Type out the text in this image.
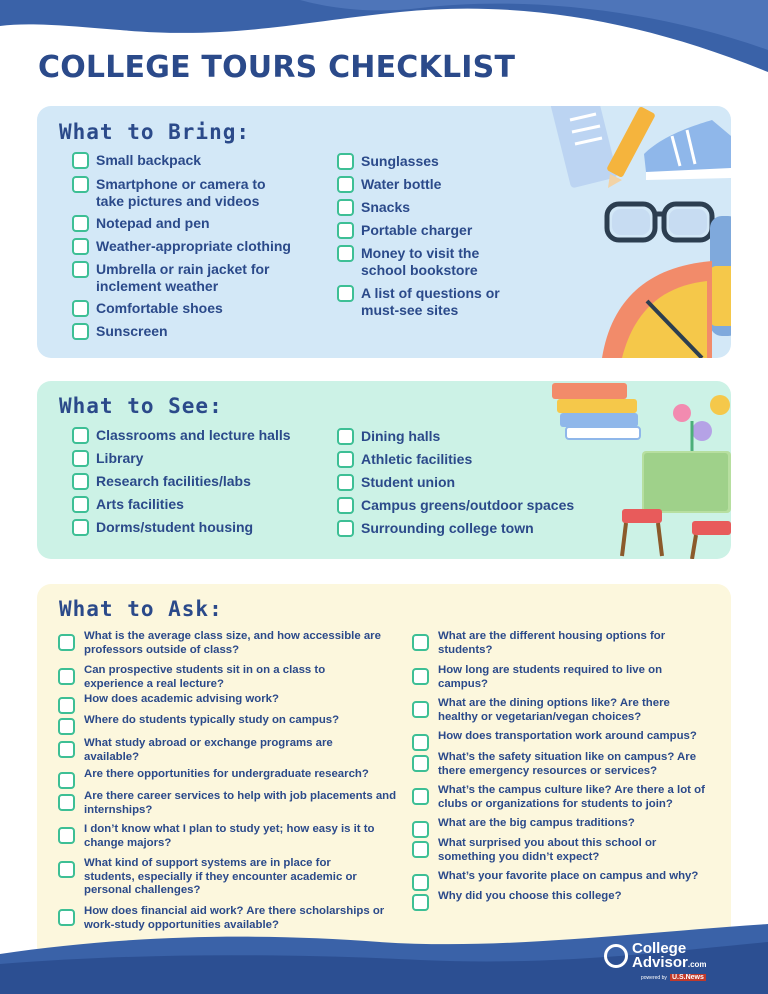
COLLEGE TOURS CHECKLIST
What to Bring:
Small backpack
Smartphone or camera to take pictures and videos
Notepad and pen
Weather-appropriate clothing
Umbrella or rain jacket for inclement weather
Comfortable shoes
Sunscreen
Sunglasses
Water bottle
Snacks
Portable charger
Money to visit the school bookstore
A list of questions or must-see sites
What to See:
Classrooms and lecture halls
Library
Research facilities/labs
Arts facilities
Dorms/student housing
Dining halls
Athletic facilities
Student union
Campus greens/outdoor spaces
Surrounding college town
What to Ask:
What is the average class size, and how accessible are professors outside of class?
Can prospective students sit in on a class to experience a real lecture?
How does academic advising work?
Where do students typically study on campus?
What study abroad or exchange programs are available?
Are there opportunities for undergraduate research?
Are there career services to help with job placements and internships?
I don’t know what I plan to study yet; how easy is it to change majors?
What kind of support systems are in place for students, especially if they encounter academic or personal challenges?
How does financial aid work? Are there scholarships or work-study opportunities available?
What are the different housing options for students?
How long are students required to live on campus?
What are the dining options like? Are there healthy or vegetarian/vegan choices?
How does transportation work around campus?
What’s the safety situation like on campus? Are there emergency resources or services?
What’s the campus culture like? Are there a lot of clubs or organizations for students to join?
What are the big campus traditions?
What surprised you about this school or something you didn’t expect?
What’s your favorite place on campus and why?
Why did you choose this college?
College
Advisor.com
powered by U.S.News
